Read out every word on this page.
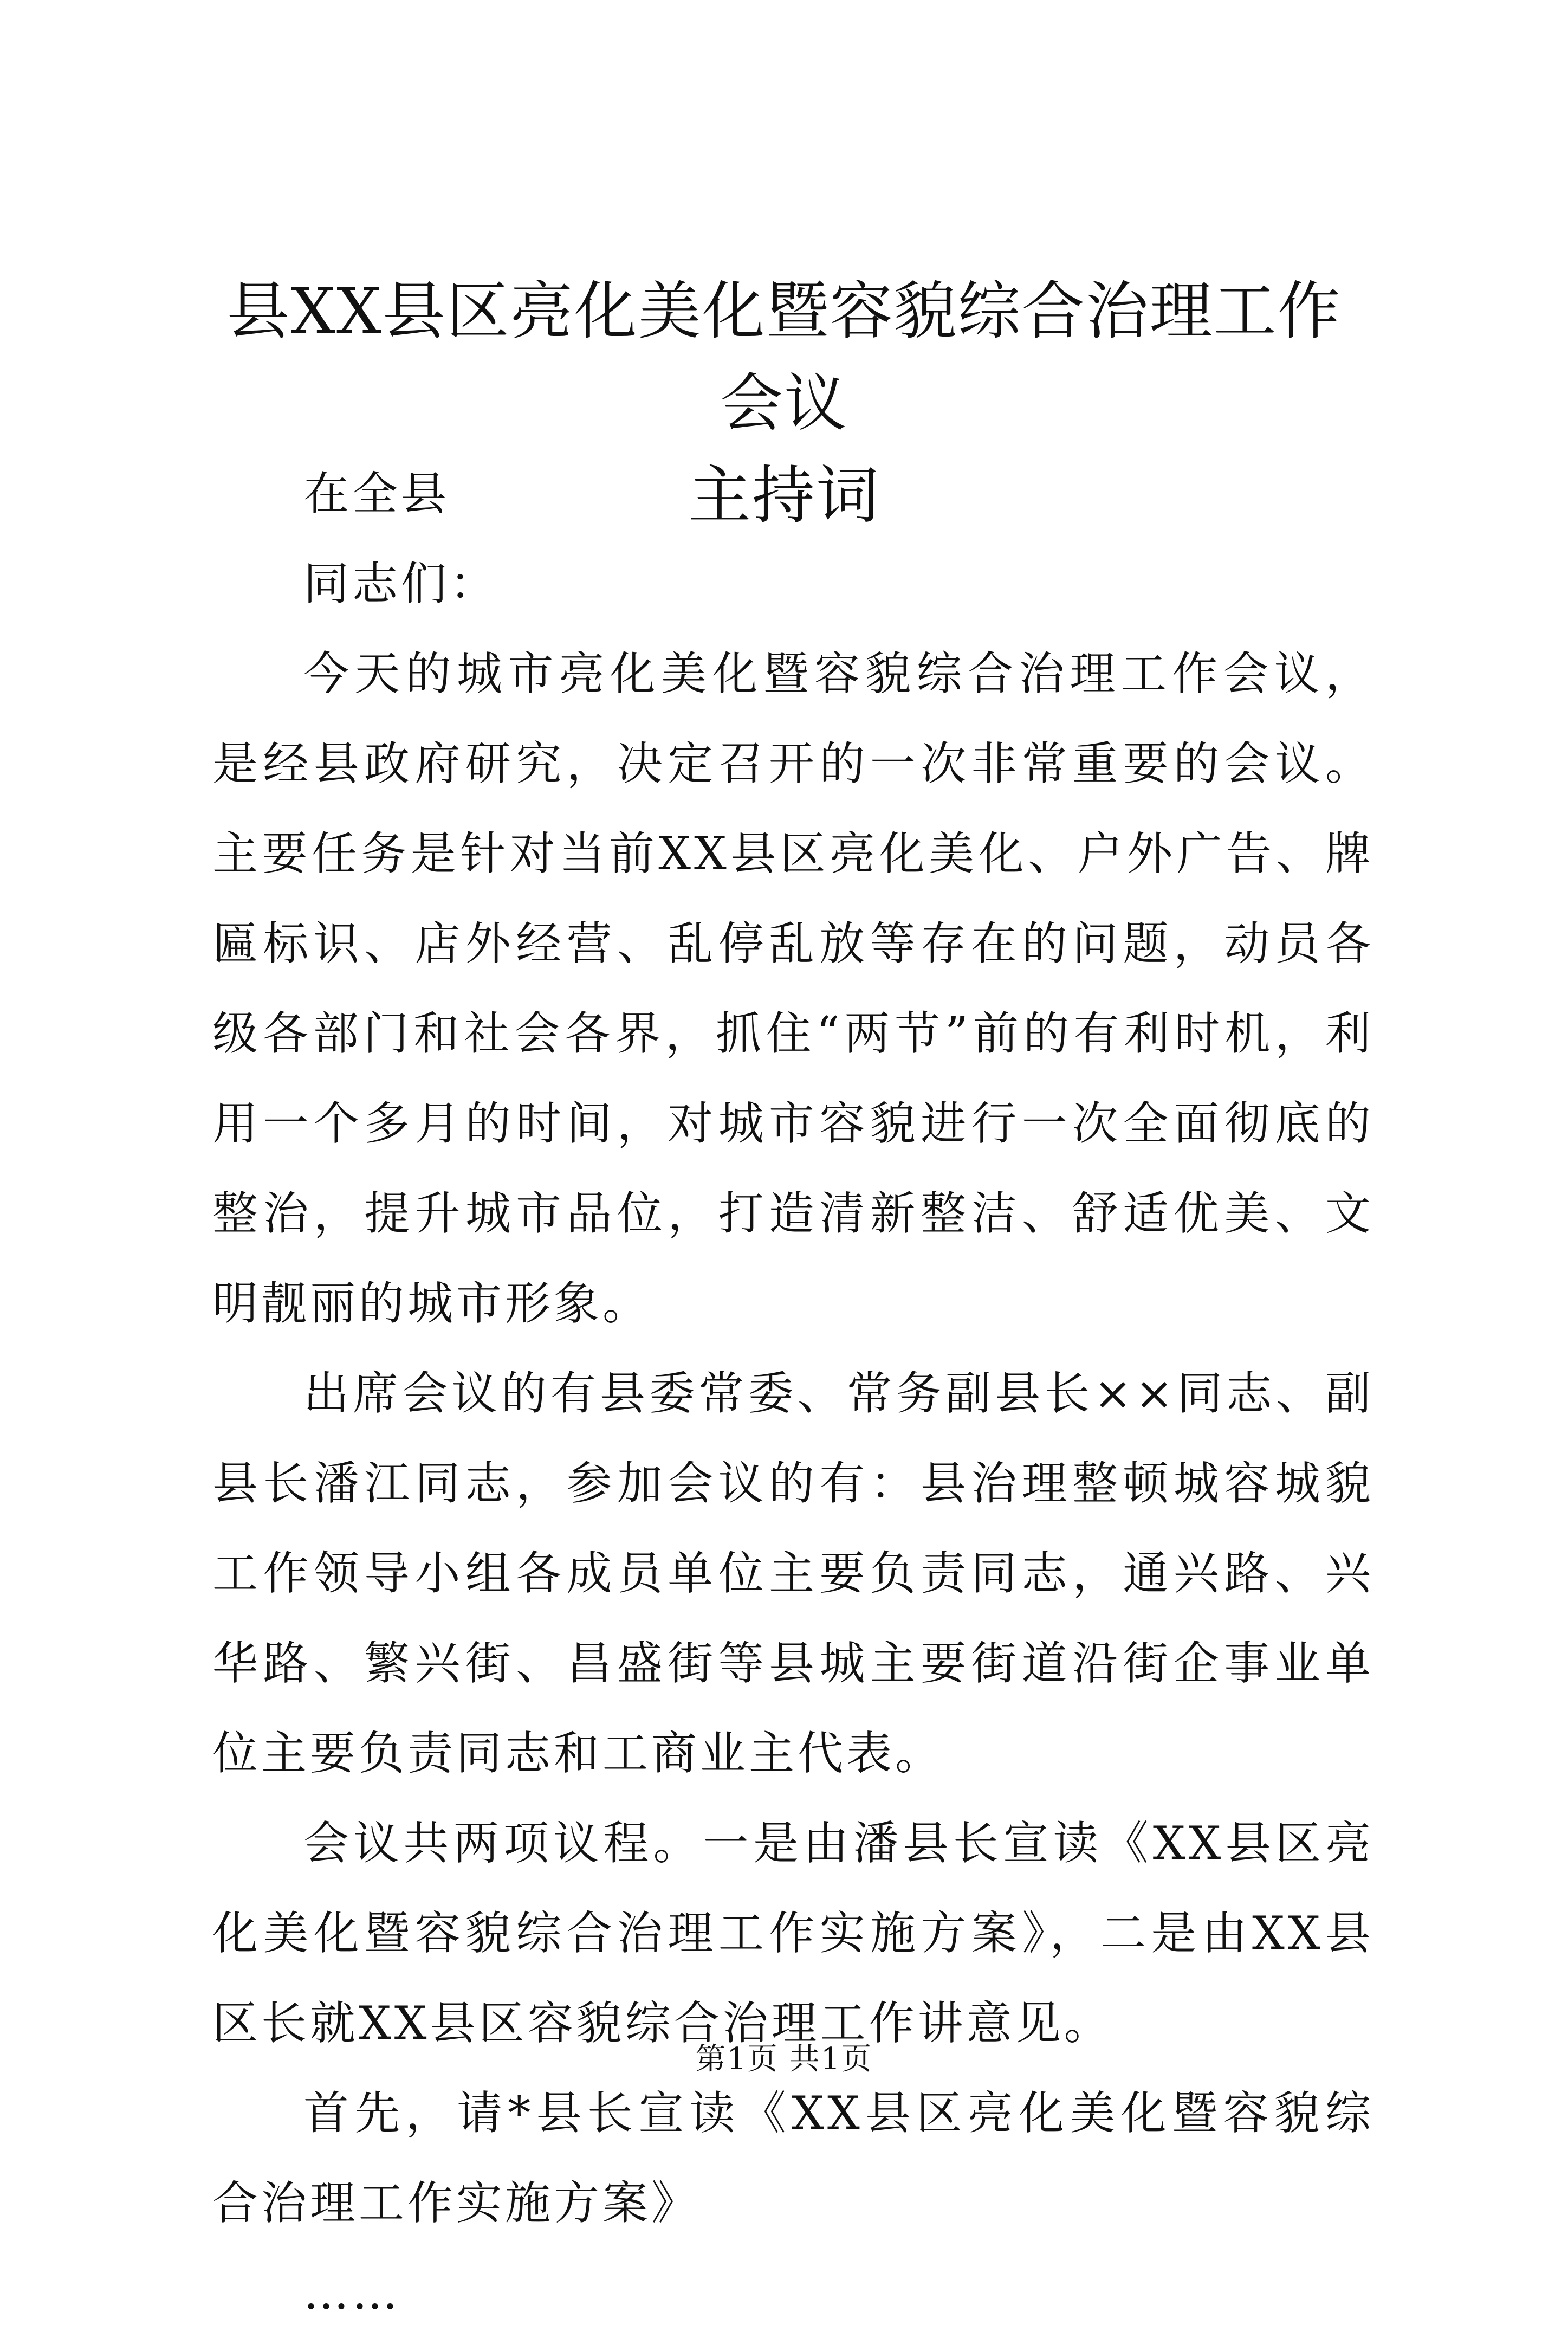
县XX县区亮化美化暨容貌综合治理工作会议
主持词

在全县

同志们：

今天的城市亮化美化暨容貌综合治理工作会议，是经县政府研究，决定召开的一次非常重要的会议。主要任务是针对当前XX县区亮化美化、户外广告、牌匾标识、店外经营、乱停乱放等存在的问题，动员各级各部门和社会各界，抓住“两节”前的有利时机，利用一个多月的时间，对城市容貌进行一次全面彻底的整治，提升城市品位，打造清新整洁、舒适优美、文明靓丽的城市形象。

出席会议的有县委常委、常务副县长××同志、副县长潘江同志，参加会议的有：县治理整顿城容城貌工作领导小组各成员单位主要负责同志，通兴路、兴华路、繁兴街、昌盛街等县城主要街道沿街企事业单位主要负责同志和工商业主代表。

会议共两项议程。一是由潘县长宣读《XX县区亮化美化暨容貌综合治理工作实施方案》，二是由XX县区长就XX县区容貌综合治理工作讲意见。

首先，请*县长宣读《XX县区亮化美化暨容貌综合治理工作实施方案》

……

第1页 共1页
